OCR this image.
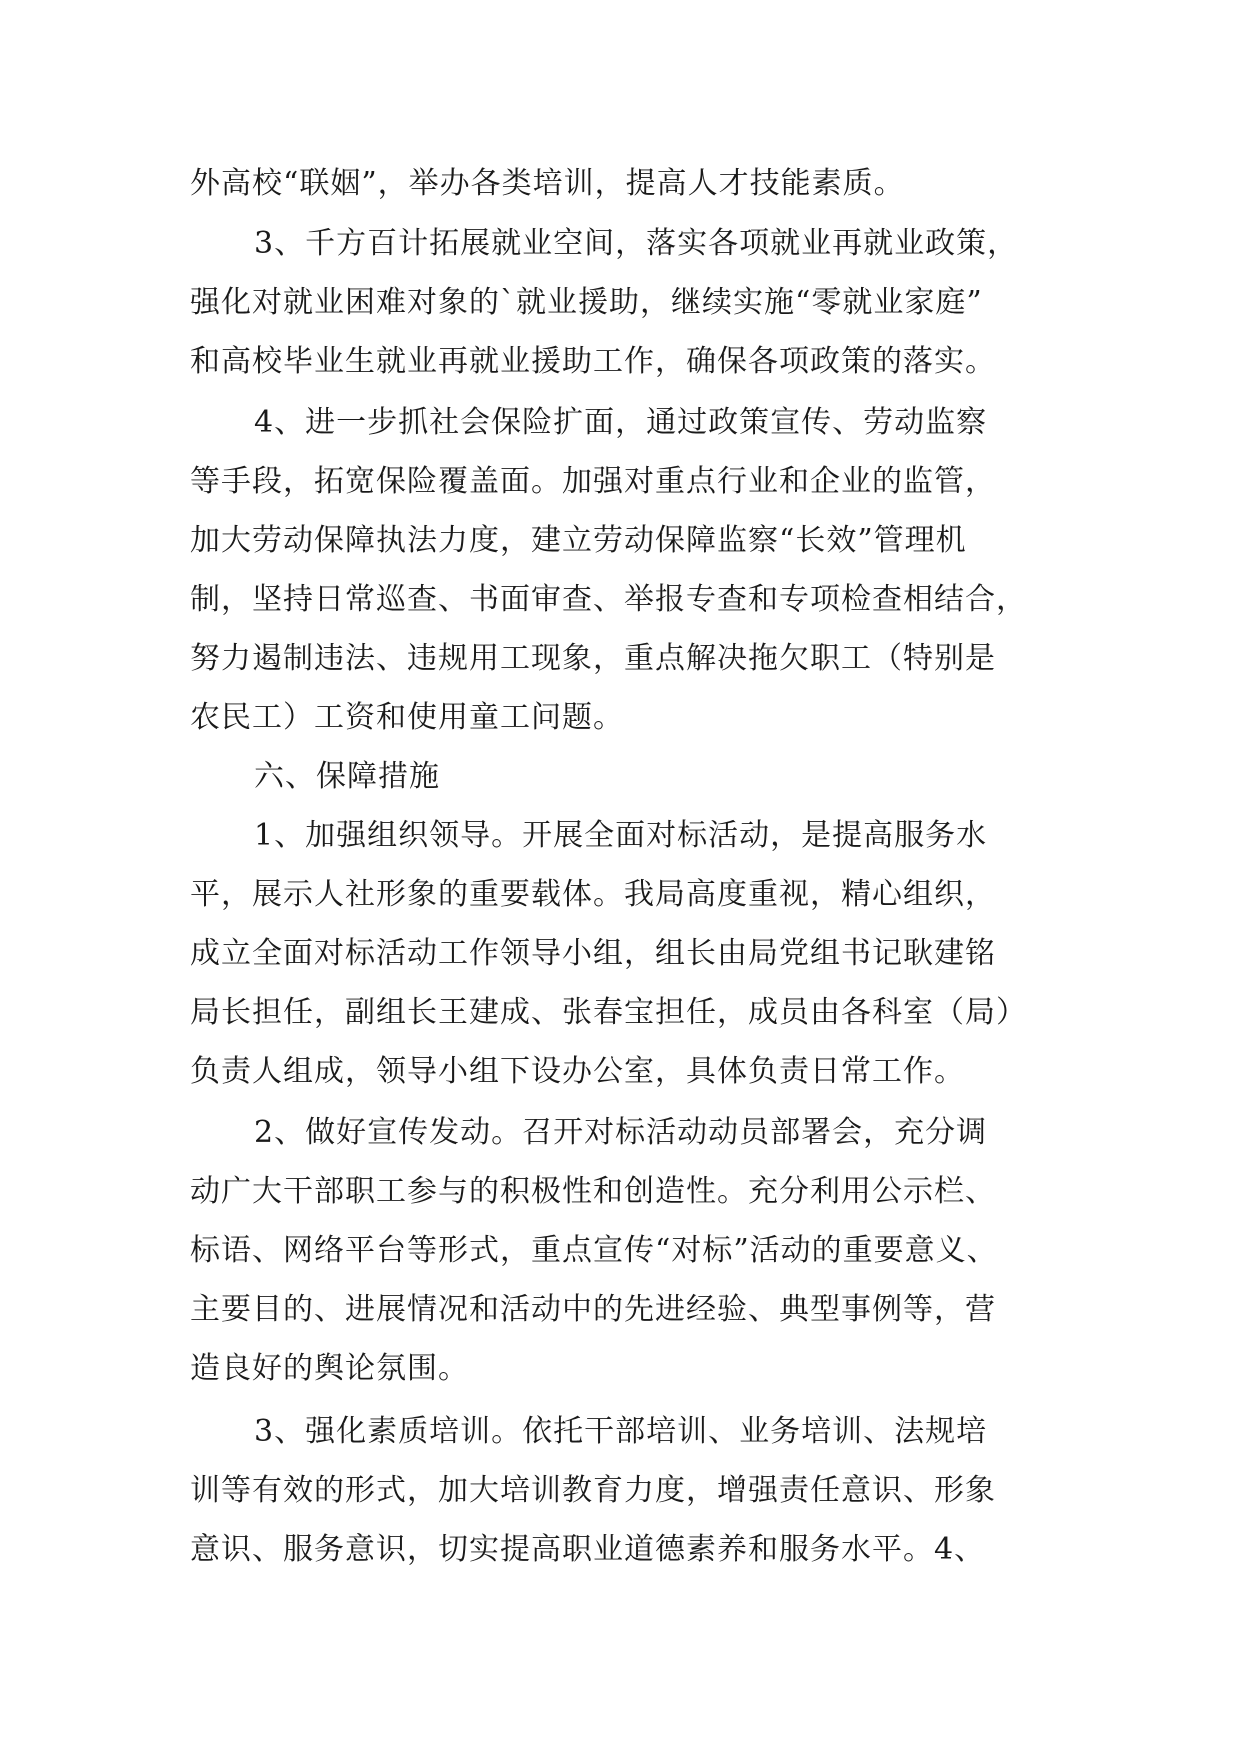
外高校“联姻”，举办各类培训，提高人才技能素质。

3、千方百计拓展就业空间，落实各项就业再就业政策，
强化对就业困难对象的`就业援助，继续实施“零就业家庭”
和高校毕业生就业再就业援助工作，确保各项政策的落实。

4、进一步抓社会保险扩面，通过政策宣传、劳动监察
等手段，拓宽保险覆盖面。加强对重点行业和企业的监管，
加大劳动保障执法力度，建立劳动保障监察“长效”管理机
制，坚持日常巡查、书面审查、举报专查和专项检查相结合，
努力遏制违法、违规用工现象，重点解决拖欠职工（特别是
农民工）工资和使用童工问题。

六、保障措施

1、加强组织领导。开展全面对标活动，是提高服务水
平，展示人社形象的重要载体。我局高度重视，精心组织，
成立全面对标活动工作领导小组，组长由局党组书记耿建铭
局长担任，副组长王建成、张春宝担任，成员由各科室（局）
负责人组成，领导小组下设办公室，具体负责日常工作。

2、做好宣传发动。召开对标活动动员部署会，充分调
动广大干部职工参与的积极性和创造性。充分利用公示栏、
标语、网络平台等形式，重点宣传“对标”活动的重要意义、
主要目的、进展情况和活动中的先进经验、典型事例等，营
造良好的舆论氛围。

3、强化素质培训。依托干部培训、业务培训、法规培
训等有效的形式，加大培训教育力度，增强责任意识、形象
意识、服务意识，切实提高职业道德素养和服务水平。4、
